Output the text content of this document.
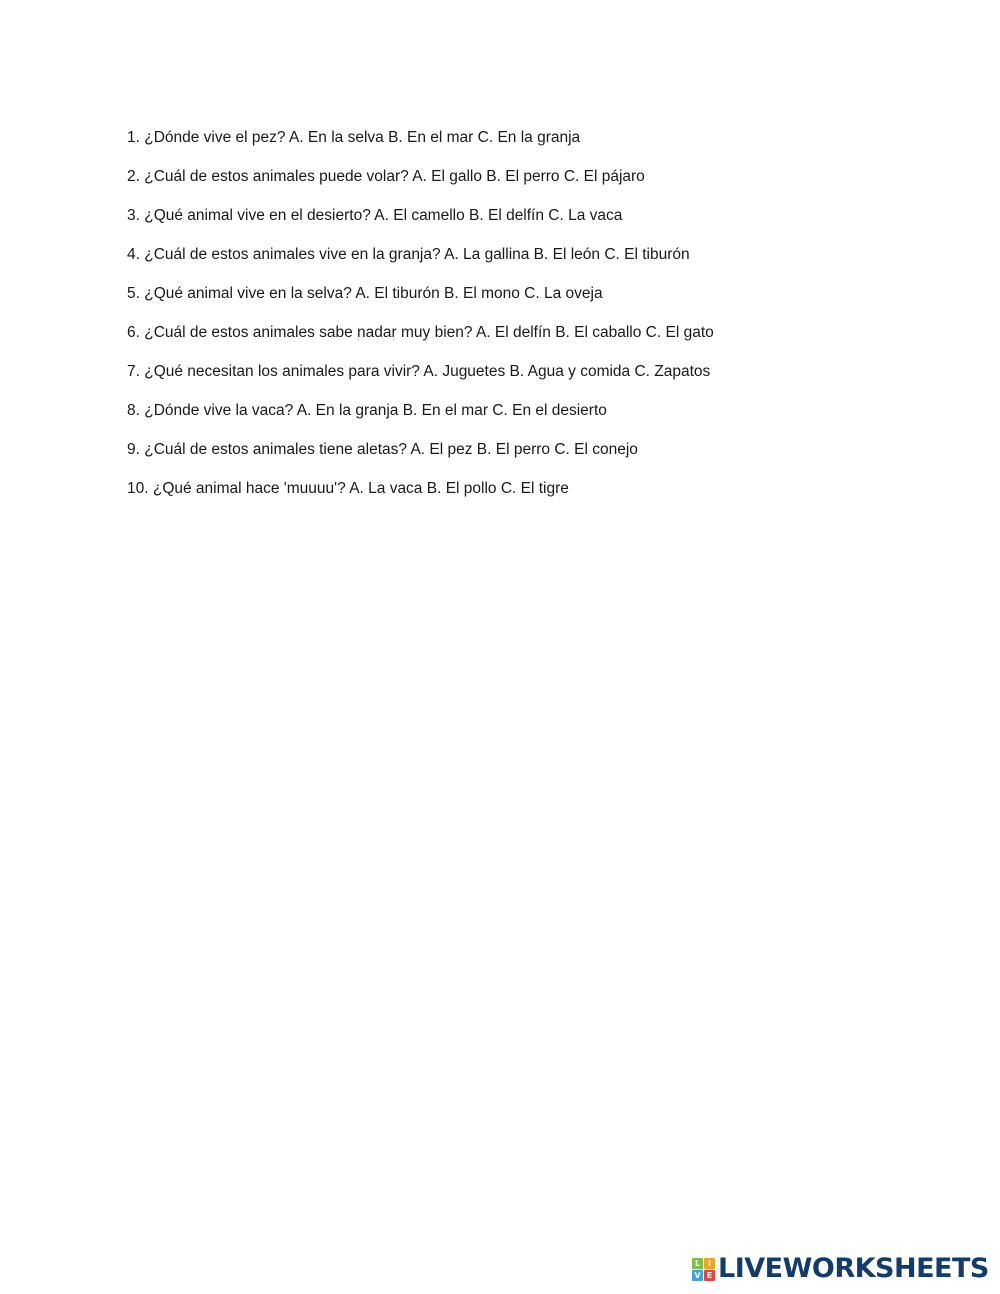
1. ¿Dónde vive el pez? A. En la selva B. En el mar C. En la granja
2. ¿Cuál de estos animales puede volar? A. El gallo B. El perro C. El pájaro
3. ¿Qué animal vive en el desierto? A. El camello B. El delfín C. La vaca
4. ¿Cuál de estos animales vive en la granja? A. La gallina B. El león C. El tiburón
5. ¿Qué animal vive en la selva? A. El tiburón B. El mono C. La oveja
6. ¿Cuál de estos animales sabe nadar muy bien? A. El delfín B. El caballo C. El gato
7. ¿Qué necesitan los animales para vivir? A. Juguetes B. Agua y comida C. Zapatos
8. ¿Dónde vive la vaca? A. En la granja B. En el mar C. En el desierto
9. ¿Cuál de estos animales tiene aletas? A. El pez B. El perro C. El conejo
10. ¿Qué animal hace 'muuuu'? A. La vaca B. El pollo C. El tigre
L I
V E LIVEWORKSHEETS
